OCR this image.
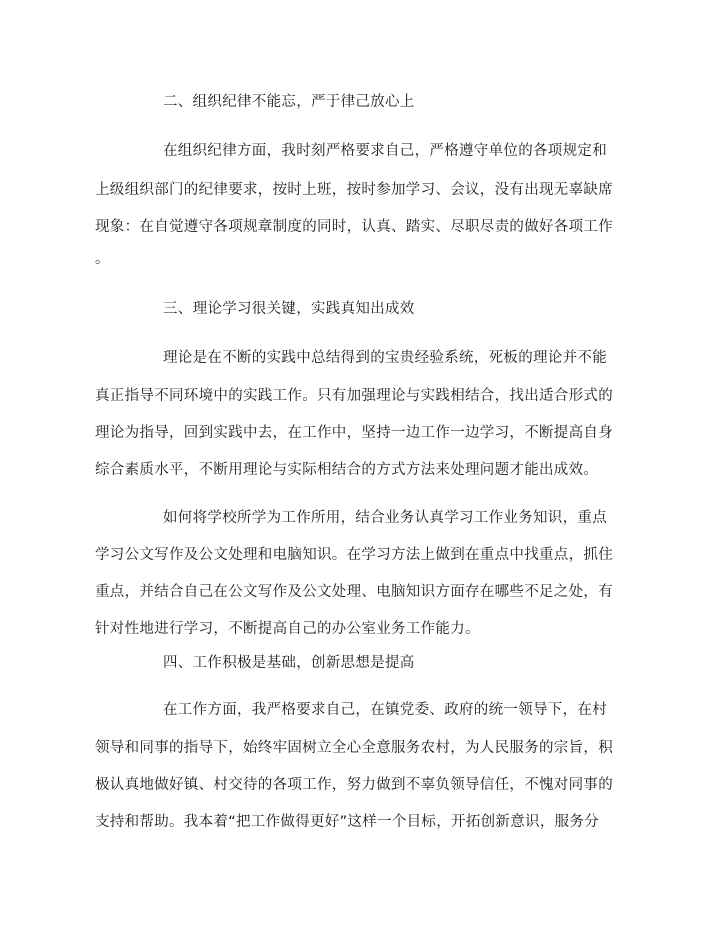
二、组织纪律不能忘，严于律己放心上
在组织纪律方面，我时刻严格要求自己，严格遵守单位的各项规定和
上级组织部门的纪律要求，按时上班，按时参加学习、会议，没有出现无辜缺席
现象：在自觉遵守各项规章制度的同时，认真、踏实、尽职尽责的做好各项工作
。
三、理论学习很关键，实践真知出成效
理论是在不断的实践中总结得到的宝贵经验系统，死板的理论并不能
真正指导不同环境中的实践工作。只有加强理论与实践相结合，找出适合形式的
理论为指导，回到实践中去，在工作中，坚持一边工作一边学习，不断提高自身
综合素质水平，不断用理论与实际相结合的方式方法来处理问题才能出成效。
如何将学校所学为工作所用，结合业务认真学习工作业务知识，重点
学习公文写作及公文处理和电脑知识。在学习方法上做到在重点中找重点，抓住
重点，并结合自己在公文写作及公文处理、电脑知识方面存在哪些不足之处，有
针对性地进行学习，不断提高自己的办公室业务工作能力。
四、工作积极是基础，创新思想是提高
在工作方面，我严格要求自己，在镇党委、政府的统一领导下，在村
领导和同事的指导下，始终牢固树立全心全意服务农村，为人民服务的宗旨，积
极认真地做好镇、村交待的各项工作，努力做到不辜负领导信任，不愧对同事的
支持和帮助。我本着“把工作做得更好”这样一个目标，开拓创新意识，服务分
